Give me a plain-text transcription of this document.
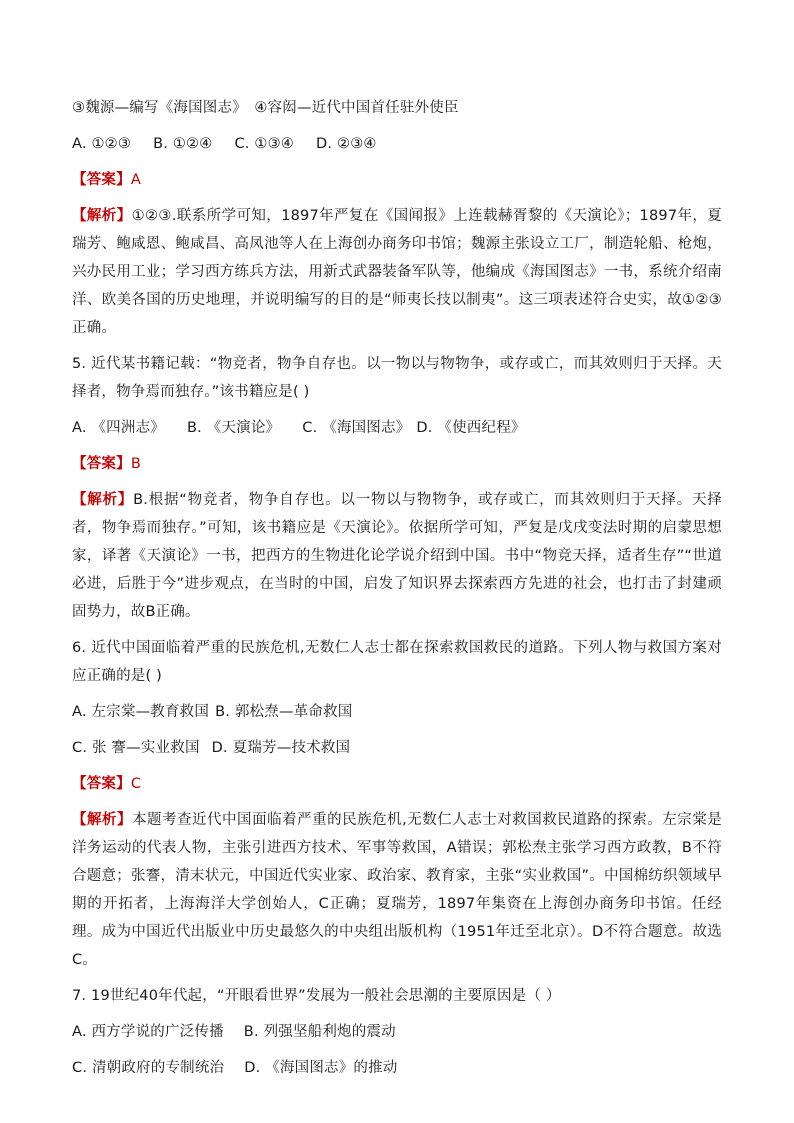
③魏源—编写《海国图志》　④容闳—近代中国首任驻外使臣

A. ①②③ B. ①②④ C. ①③④ D. ②③④

【答案】A

【解析】①②③.联系所学可知，1897年严复在《国闻报》上连载赫胥黎的《天演论》；1897年，夏瑞芳、鲍咸恩、鲍咸昌、高凤池等人在上海创办商务印书馆；魏源主张设立工厂，制造轮船、枪炮，兴办民用工业；学习西方练兵方法，用新式武器装备军队等，他编成《海国图志》一书，系统介绍南洋、欧美各国的历史地理，并说明编写的目的是“师夷长技以制夷”。这三项表述符合史实，故①②③正确。

5. 近代某书籍记载：“物竞者，物争自存也。以一物以与物物争，或存或亡，而其效则归于天择。天择者，物争焉而独存。”该书籍应是( )

A. 《四洲志》 B. 《天演论》 C. 《海国图志》 D. 《使西纪程》

【答案】B

【解析】B.根据“物竞者，物争自存也。以一物以与物物争，或存或亡，而其效则归于天择。天择者，物争焉而独存。”可知，该书籍应是《天演论》。依据所学可知，严复是戊戌变法时期的启蒙思想家，译著《天演论》一书，把西方的生物进化论学说介绍到中国。书中“物竞天择，适者生存”“世道必进，后胜于今”进步观点，在当时的中国，启发了知识界去探索西方先进的社会，也打击了封建顽固势力，故B正确。

6. 近代中国面临着严重的民族危机,无数仁人志士都在探索救国救民的道路。下列人物与救国方案对应正确的是( )

A. 左宗棠—教育救国 B. 郭松焘—革命救国

C. 张 謇—实业救国 D. 夏瑞芳—技术救国

【答案】C

【解析】本题考查近代中国面临着严重的民族危机,无数仁人志士对救国救民道路的探索。左宗棠是洋务运动的代表人物，主张引进西方技术、军事等救国，A错误；郭松焘主张学习西方政教，B不符合题意；张謇，清末状元，中国近代实业家、政治家、教育家，主张“实业救国”。中国棉纺织领域早期的开拓者，上海海洋大学创始人，C正确；夏瑞芳，1897年集资在上海创办商务印书馆。任经理。成为中国近代出版业中历史最悠久的中央组出版机构（1951年迁至北京）。D不符合题意。故选C。

7. 19世纪40年代起，“开眼看世界”发展为一般社会思潮的主要原因是（ ）

A. 西方学说的广泛传播 B. 列强坚船利炮的震动

C. 清朝政府的专制统治 D. 《海国图志》的推动
